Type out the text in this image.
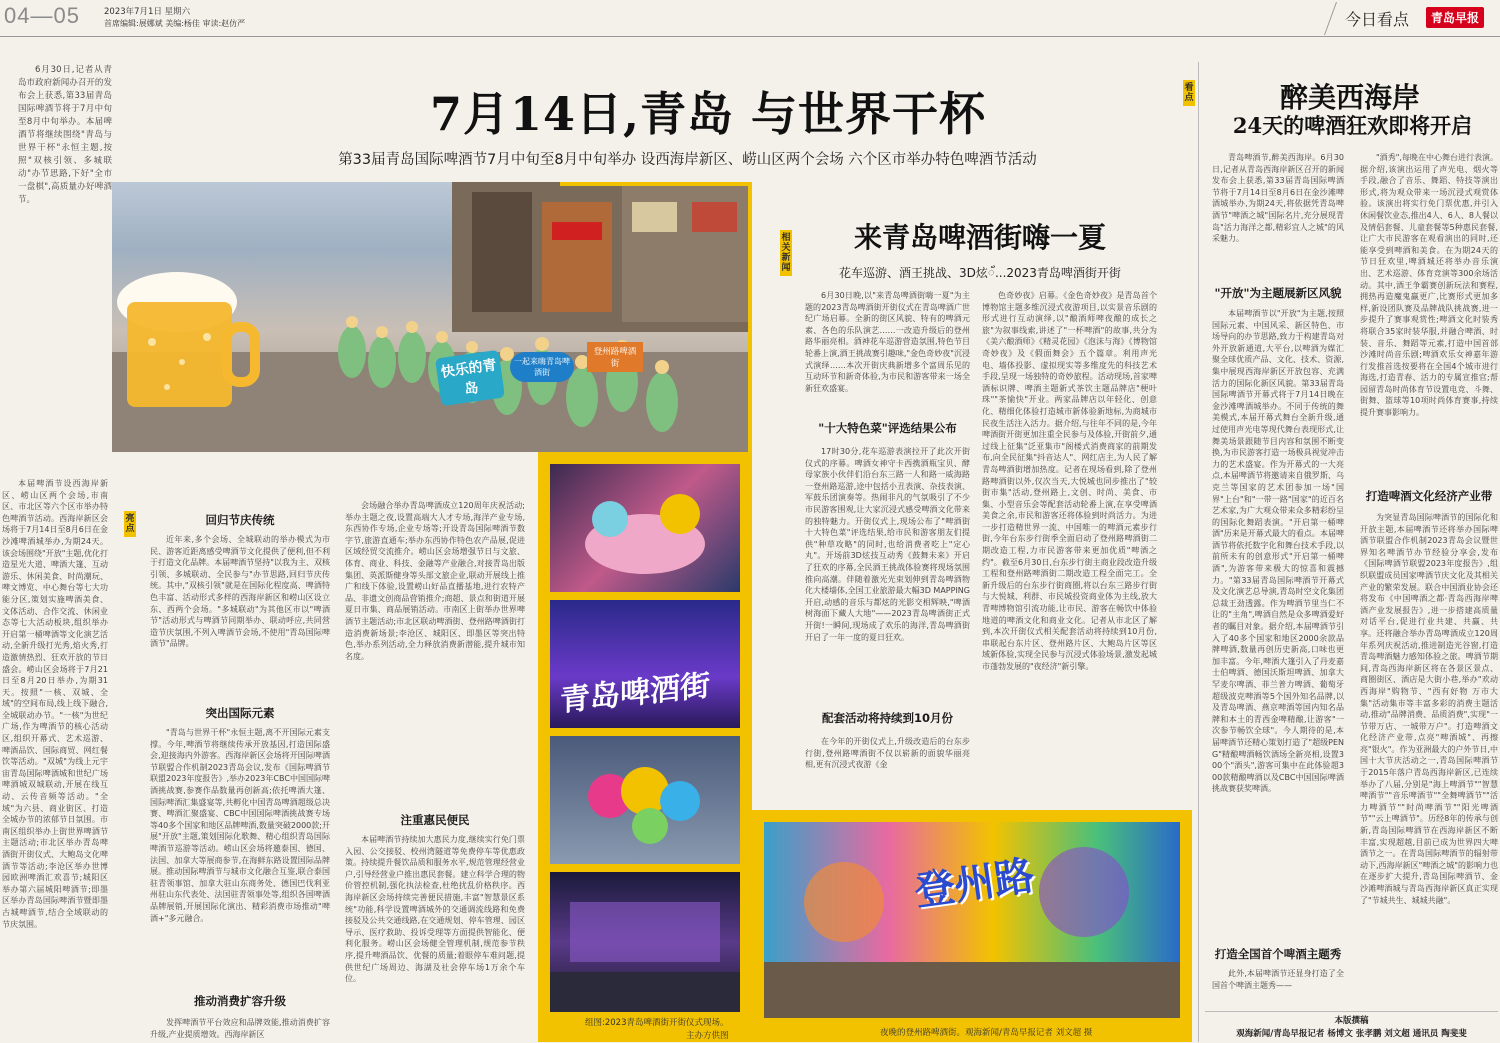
04—05	2023年7月1日 星期六
首席编辑:展娜斌 美编:杨佳 审读:赵仿严	今日看点	青岛早报

6月30日,记者从青岛市政府新闻办召开的发布会上获悉,第33届青岛国际啤酒节将于7月中旬至8月中旬举办。本届啤酒节将继续围绕"青岛与世界干杯"永恒主题,按照"双核引领、多城联动"办节思路,下好"全市一盘棋",高质量办好啤酒节。

7月14日,青岛 与世界干杯
第33届青岛国际啤酒节7月中旬至8月中旬举办 设西海岸新区、崂山区两个会场 六个区市举办特色啤酒节活动
快乐的青岛
一起来嗨青岛啤酒街
登州路啤酒街

本届啤酒节设西海岸新区、崂山区两个会场,市南区、市北区等六个区市举办特色啤酒节活动。西海岸新区会场将于7月14日至8月6日在金沙滩啤酒城举办,为期24天。该会场围绕"开放"主题,优化打造星光大道、啤酒大篷、互动游乐、休闲美食、时尚潮玩、啤文博览、中心舞台等七大功能分区,策划实施啤酒美食、文体活动、合作交流、休闲业态等七大活动板块,组织举办开启第一桶啤酒等文化演艺活动,全新升级打光秀,焰火秀,打造激情热烈、狂欢开放的节日盛会。崂山区会场将于7月21日至8月20日举办,为期31天。按照"一核、双城、全域"的空间布局,线上线下融合,全城联动办节。"一核"为世纪广场,作为啤酒节的核心活动区,组织开幕式、艺术巡游、啤酒品饮、国际商贸、网红餐饮等活动。"双城"为线上元宇宙青岛国际啤酒城和世纪广场啤酒城双城联动,开展在线互动、云传音频等活动。"全域"为六县、商业街区、打造全城办节的浓郁节日氛围。市南区组织举办上街世界啤酒节主题活动;市北区举办青岛啤酒街开街仪式、大鲍岛文化啤酒节等活动;李沧区举办世博园欧洲啤酒汇欢喜节;城阳区举办第六届城阳啤酒节;即墨区举办青岛国际啤酒节暨即墨古城啤酒节,结合全域联动的节庆氛围。

亮点
回归节庆传统

近年来,多个会场、全城联动的举办模式为市民、游客近距离感受啤酒节文化提供了便利,但不利于打造文化品牌。本届啤酒节坚持"以我为主、双核引领、多城联动、全民参与"办节思路,回归节庆传统。其中,"双核引领"就是在国际化程度高、啤酒特色丰富、活动形式多样的西海岸新区和崂山区设立东、西两个会场。"多城联动"为其他区市以"啤酒节"活动形式与啤酒节同期举办、联动呼应,共同营造节庆氛围,不列入啤酒节会场,不使用"青岛国际啤酒节"品牌。

突出国际元素

"青岛与世界干杯"永恒主题,离不开国际元素支撑。今年,啤酒节将继续传承开放基因,打造国际盛会,迎接海内外游客。西海岸新区会场将开国际啤酒节联盟合作机制2023青岛会议,发布《国际啤酒节联盟2023年度报告》,举办2023年CBC中国国际啤酒挑战赛,参赛作品数量再创新高;依托啤酒大篷、国际啤酒汇集盛宴等,共孵化中国青岛啤酒超级总决赛、啤酒汇聚盛宴、CBC中国国际啤酒挑战赛专场等40多个国家和地区品牌啤酒,数量突破2000款;开展"开放"主题,策划国际化歌舞、精心组织青岛国际啤酒节巡游等活动。崂山区会场将邀泰国、德国、法国、加拿大等展商参节,在海鲜东路设置国际品牌展。推动国际啤酒节与城市文化融合互鉴,联合泰国驻青领事馆、加拿大驻山东商务处、德国巴伐利亚州驻山东代表处、法国驻青领事处等,组织各国啤酒品牌展销,开展国际化演出、精彩消费市场推动"啤酒+"多元融合。

推动消费扩容升级

发挥啤酒节平台效应和品牌效能,推动消费扩容升级,产业提质增效。西海岸新区

会场融合举办青岛啤酒成立120周年庆祝活动;举办主题之夜,设置高端大人才专场,海洋产业专场,东西协作专场,企业专场等;开设青岛国际啤酒节数字节,旅游直通车;举办东西协作特色农产品展,促进区域经贸交流推介。崂山区会场增强节日与文旅、体育、商业、科技、金融等产业融合,对接青岛出版集团、英派斯健身等头部文旅企业,联动开展线上推广和线下体验,设置崂山好品直播基地,进行农特产品、非遗文创商品营销推介;商超、景点和街道开展夏日市集、商品展销活动。市南区上街举办世界啤酒节主题活动;市北区联动啤酒街、登州路啤酒街打造消费新场景;李沧区、城阳区、即墨区等突出特色,举办系列活动,全力释放消费新潜能,提升城市知名度。

注重惠民便民

本届啤酒节持续加大惠民力度,继续实行免门票入园、公交接驳、校州湾隧道等免费停车等优惠政策。持续提升餐饮品质和服务水平,规范管理经营业户,引导经营业户推出惠民套餐。建立科学合理的物价管控机制,强化执法检查,杜绝扰乱价格秩序。西海岸新区会场持续完善便民措施,丰富"智慧景区系统"功能,科学设置啤酒城外的交通调流线路和免费接驳及公共交通线路,在交通规划、停车管理、园区导示、医疗救助、投诉受理等方面提供智能化、便利化服务。崂山区会场健全管理机制,规范参节秩序,提升啤酒品饮、优餐的质量;着眼停车难问题,提供世纪广场周边、海湖及社会停车场1万余个车位。

青岛啤酒街
组图:2023青岛啤酒街开街仪式现场。
主办方供图
相关新闻
来青岛啤酒街嗨一夏
花车巡游、酒王挑战、3D炫័...2023青岛啤酒街开街

6月30日晚,以"来青岛啤酒街嗨一夏"为主题的2023青岛啤酒街开街仪式在青岛啤酒广世纪广场启幕。全新的街区风貌、特有的啤酒元素、各色的乐队演艺……一改造升级后的登州路华丽亮相。酒神花车巡游营造氛围,特色节目轮番上演,酒王挑战赛引趣味,"金色奇妙夜"沉浸式演绎……本次开街庆典新增多个富周乐见的互动环节和新奇体验,为市民和游客带来一场全新狂欢盛宴。

"十大特色菜"评选结果公布

17时30分,花车巡游表演拉开了此次开街仪式的序幕。啤酒女神守卡西携酒瓶宝贝、酵母家族小伙伴们沿台东三路一人和路一威海路一登州路巡游,途中包括小丑表演、杂技表演、军鼓乐团演奏等。热闹非凡的气氛吸引了不少市民游客围观,让大家沉浸式感受啤酒文化带来的独特魅力。开街仪式上,现场公布了"啤酒街十大特色菜"评选结果,给市民和游客朋友们提供"种草攻略"的同时,也给消费者吃上"定心丸"。开场前3D炫技互动秀《鼓舞未来》开启了狂欢的序幕,全民酒王挑战体验赛将现场氛围推向高潮。伴随着激光光束划伸到青岛啤酒物化大楼墙体,全国工业旅游最大幅3D MAPPING开启,动感的音乐与都炫的光影交相辉映,"啤酒树海面下藏人大地"——2023青岛啤酒街正式开街!一瞬间,现场成了欢乐的海洋,青岛啤酒街开启了一年一度的夏日狂欢。

配套活动将持续到10月份

在今年的开街仪式上,升级改造后的台东步行街,登州路啤酒街不仅以崭新的面貌华丽亮相,更有沉浸式夜游《金

色奇妙夜》启幕。《金色奇妙夜》是青岛首个博物馆主题多维沉浸式夜游项目,以实景音乐剧的形式进行互动演绎,以"酿酒师啤夜酿的成长之旅"为叙事线索,讲述了"一杯啤酒"的故事,共分为《美六酿酒师》《精灵花园》《泡沫与海》《博物馆奇妙夜》及《假面舞会》五个篇章。利用声光电、墙体投影、虚拟现实等多维度先的科技艺术手段,呈现一场独特的奇妙旅程。活动现场,首家啤酒标识牌、啤酒主题新式茶饮主题品牌店"梗叶珠""茶愉快"开业。两家品牌店以年轻化、创意化、精细化体验打造城市新体验新地标,为商城市民夜生活注入活力。据介绍,与往年不同的是,今年啤酒街开街更加注重全民参与及体验,开街前夕,通过线上征集"泛亚集市"阁楼式消费商家的前期发布,向全民征集"抖音达人"、网红店主,为人民了解青岛啤酒街增加热度。记者在现场看到,除了登州路啤酒街以外,仅次当天,大悦城也同步推出了"较街市集"活动,登州路上,文创、时尚、美食、市集、小型音乐会等配套活动轮番上演,在享受啤酒美食之余,市民和游客还将体验到时尚活力。为进一步打造精世界一流、中国唯一的啤酒元素步行街,今年台东步行街季全面启动了登州路啤酒街二期改造工程,力市民游客带来更加优质"啤酒之约"。截至6月30日,台东步行街主商业段改造升级工程和登州路啤酒街二期改造工程全面完工。全新升级后的台东步行街商圈,将以台东三路步行街与大悦城、利群、市民城投资商业体为主线,放大青啤博物馆引流功能,让市民、游客在畅饮中体验地道的啤酒文化和商业文化。记者从市北区了解到,本次开街仪式相关配套活动将持续到10月份,串联起台东片区、登州路片区、大鲍岛片区等区域新体验,实现全民参与沉浸式体验场景,激发起城市蓬勃发展的"夜经济"新引擎。

登州路
夜晚的登州路啤酒街。观海新闻/青岛早报记者 刘文超 摄
看点	醉美西海岸
24天的啤酒狂欢即将开启

青岛啤酒节,醉美西海岸。6月30日,记者从青岛西海岸新区召开的新闻发布会上获悉,第33届青岛国际啤酒节将于7月14日至8月6日在金沙滩啤酒城举办,为期24天,将依据凭青岛啤酒节"啤酒之城"国际名片,充分展现青岛"活力海洋之都,精彩宜人之城"的风采魅力。

"开放"为主题展新区风貌

本届啤酒节以"开放"为主题,按照国际元素、中国风采、新区特色、市场导向的办节思路,致力于构建青岛对外开放新通道,大平台,以啤酒为媒汇聚全球优质产品、文化、技术、资源,集中展现西海岸新区开放包容、充满活力的国际化新区风貌。第33届青岛国际啤酒节开幕式将于7月14日晚在金沙滩啤酒城举办。不同于传统的舞美模式,本届开幕式舞台全新升级,通过使用声光电等现代舞台表现形式,让舞美场景跟随节目内容和氛围不断变换,为市民游客打造一场极具视觉冲击力的艺术盛宴。作为开幕式的一大亮点,本届啤酒节将邀请来自俄罗斯、乌克兰等国家的艺术团参加一场"国界"上台"和"一带一路"国家"的近百名艺术家,为广大观众带来众多精彩纷呈的国际化舞蹈表演。"开启第一桶啤酒"历来是开幕式最大的看点。本届啤酒节将依托数字化和舞台技术手段,以前所未有的创意形式"开启第一桶啤酒",为游客带来极大的惊喜和震撼力。"第33届青岛国际啤酒节开幕式及文化演艺总导演,青岛时空文化集团总裁王劲透露。作为啤酒节里当仁不让的"主角",啤酒自然是众多啤酒爱好者的瞩目对象。据介绍,本届啤酒节引入了40多个国家和地区2000余款品牌啤酒,数量再创历史新高,口味也更加丰富。今年,啤酒大篷引入了丹麦嘉士伯啤酒、德国沃斯坦啤酒、加拿大罕麦尔啤酒、菲兰普力啤酒、葡萄牙超级波克啤酒等5个国外知名品牌,以及青岛啤酒、燕京啤酒等国内知名品牌和本土的青西金啤精酿,让游客"一次参节畅饮全球"。今人期待的是,本届啤酒节还精心策划打造了"超级PENG"精酿啤酒畅饮酒场全新亮相,设置300个"酒头",游客可集中在此体验超300款精酿啤酒以及CBC中国国际啤酒挑战赛获奖啤酒。

打造全国首个啤酒主题秀

此外,本届啤酒节还显身打造了全国首个啤酒主题秀——

"酒秀",每晚在中心舞台进行表演。据介绍,该演出运用了声光电、烟火等手段,融合了音乐、舞蹈、特技等演出形式,将为观众带来一场沉浸式观赏体验。该演出将实行免门票优惠,并引入休闲餐饮业态,推出4人、6人、8人餐以及情侣套餐、儿童套餐等5种惠民套餐,让广大市民游客在观看演出的同时,还能享受到啤酒和美食。在为期24天的节日狂欢里,啤酒城还将举办音乐演出、艺术巡游、体育竞演等300余场活动。其中,酒王争霸赛创新玩法和赛程,拥热再造魔鬼赢更广,比赛形式更加多样,新设团队赛及品牌战队挑战赛,进一步提升了赛事观赏性;啤酒文化时装秀将联合35家时装华服,并融合啤酒、时装、音乐、舞蹈等元素,打造中国首部沙滩时尚音乐剧;啤酒欢乐女神嘉年游行发推首选按要将在全国4个城市进行海选,打造青春、活力的专属宣推官;帮园留青岛时尚体育节设置电竞、斗舞、街舞、篮球等10项时尚体育赛事,持续提升赛事影响力。

打造啤酒文化经济产业带

为突显青岛国际啤酒节的国际化和开放主题,本届啤酒节还将举办国际啤酒节联盟合作机制2023青岛会议暨世界知名啤酒节办节经验分享会,发布《国际啤酒节联盟2023年度报告》,组织联盟成员国家啤酒节庆文化及其相关产业的繁荣发展。联合中国酒业协会还将发布《中国啤酒之都·青岛西海岸啤酒产业发展报告》,进一步搭建高质量对话平台,促进行业共建、共赢、共享。还将融合举办青岛啤酒成立120周年系列庆祝活动,推进制造光谷窗,打造青岛啤酒魅力感知体验之旅。啤酒节期间,青岛西海岸新区将在各景区景点、商圈街区、酒店是大街小巷,举办"欢动西海岸"购物节、"西有好物 万市大集"活动集市等丰富多彩的消费主题活动,推动"品牌消费、品质消费",实现"一节带万店、一城带万户"。打造啤酒文化经济产业带,点亮"啤酒城"、再擦亮"银火"。作为亚洲最大的户外节日,中国十大节庆活动之一,青岛国际啤酒节于2015年落户青岛西海岸新区,已连续举办了八届,分别是"海上啤酒节""智慧啤酒节""音乐啤酒节""全舞啤酒节""活力啤酒节""时尚啤酒节""阳光啤酒节""云上啤酒节"。历经8年的传承与创新,青岛国际啤酒节在西海岸新区不断丰富,实现超越,目前已成为世界四大啤酒节之一。在青岛国际啤酒节的辐射带动下,西海岸新区"啤酒之城"的影响力也在逐步扩大提升,青岛国际啤酒节、金沙滩啤酒城与青岛西海岸新区真正实现了"节城共生、城城共融"。

本版撰稿
观海新闻/青岛早报记者 杨博文 张孝鹏 刘文超 通讯员 陶斐斐
